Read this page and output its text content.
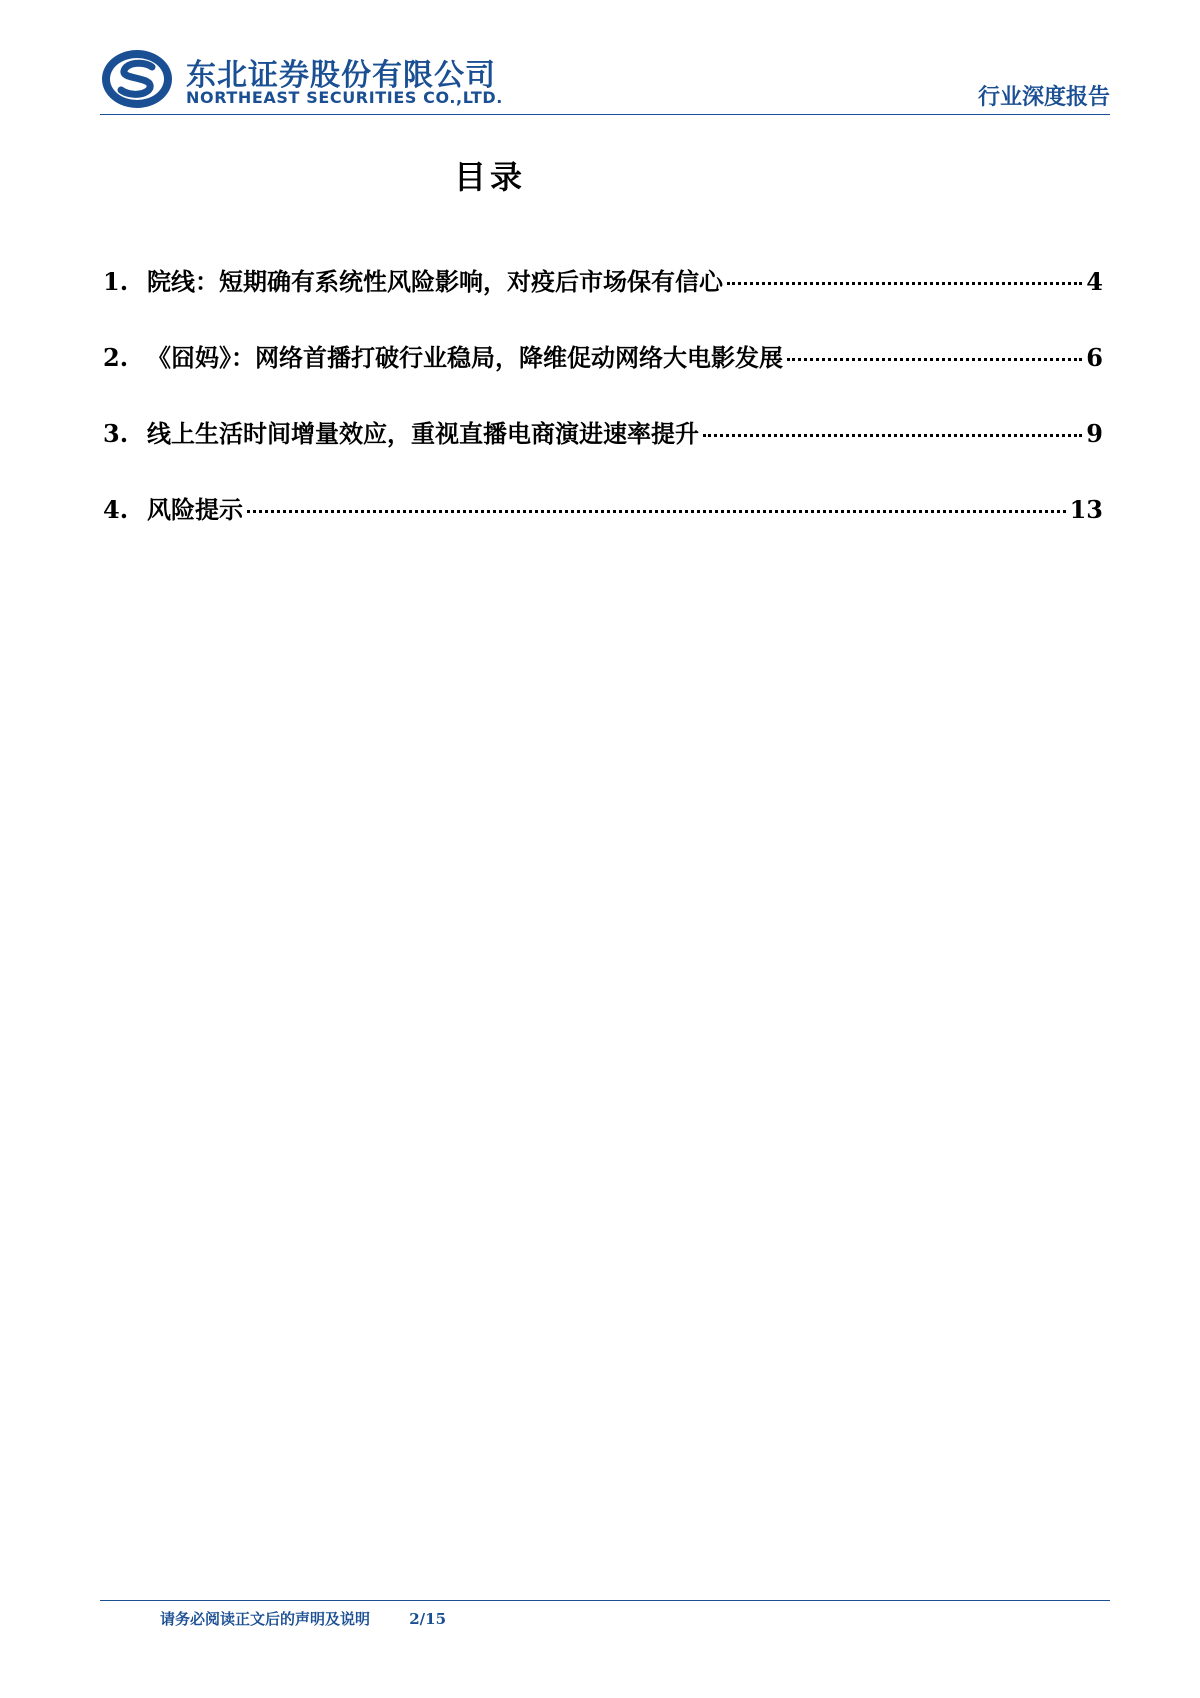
东北证券股份有限公司
NORTHEAST SECURITIES CO.,LTD.	行业深度报告
目录
1. 院线：短期确有系统性风险影响，对疫后市场保有信心	4
2. 《囧妈》：网络首播打破行业稳局，降维促动网络大电影发展	6
3. 线上生活时间增量效应，重视直播电商演进速率提升	9
4. 风险提示	13
请务必阅读正文后的声明及说明	2/15
